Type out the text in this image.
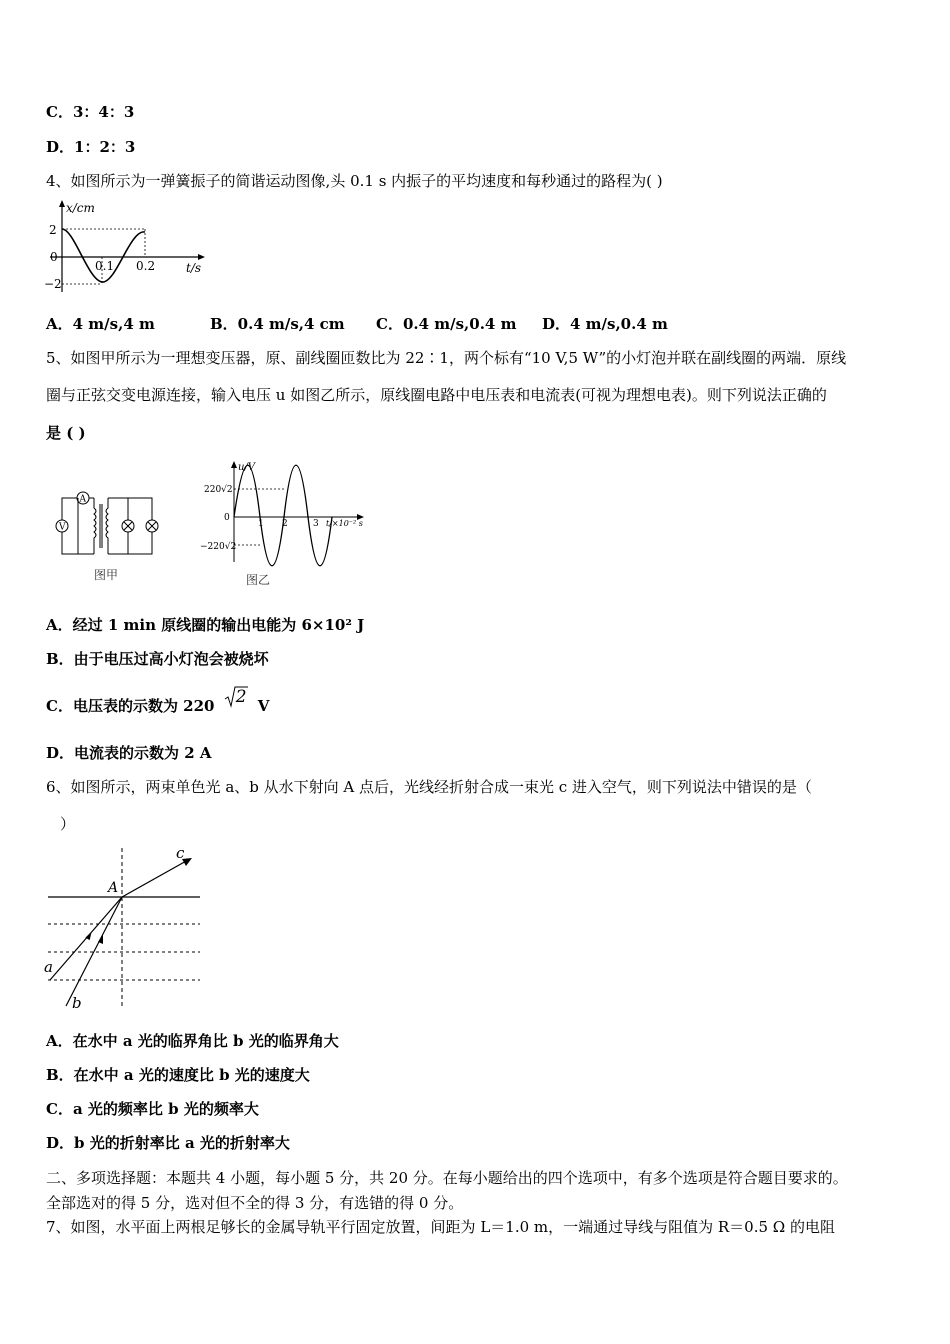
C．3：4：3
D．1：2：3
4、如图所示为一弹簧振子的简谐运动图像,头 0.1 s 内振子的平均速度和每秒通过的路程为( )
x/cm
2
0
−2
0.1 0.2	t/s
A．4 m/s,4 m	B．0.4 m/s,4 cm C．0.4 m/s,0.4 m D．4 m/s,0.4 m
5、如图甲所示为一理想变压器，原、副线圈匝数比为 22∶1，两个标有“10 V,5 W”的小灯泡并联在副线圈的两端．原线
圈与正弦交变电源连接，输入电压 u 如图乙所示，原线圈电路中电压表和电流表(可视为理想电表)。则下列说法正确的
是 ( )
A
V
图甲
u/V
220√2
0
−220√2
1 2	3 t/×10⁻² s
图乙
A．经过 1 min 原线圈的输出电能为 6×10² J
B．由于电压过高小灯泡会被烧坏
C．电压表的示数为 220 2 V
D．电流表的示数为 2 A
6、如图所示，两束单色光 a、b 从水下射向 A 点后，光线经折射合成一束光 c 进入空气，则下列说法中错误的是（
）
A
c
a
b
A．在水中 a 光的临界角比 b 光的临界角大
B．在水中 a 光的速度比 b 光的速度大
C．a 光的频率比 b 光的频率大
D．b 光的折射率比 a 光的折射率大
二、多项选择题：本题共 4 小题，每小题 5 分，共 20 分。在每小题给出的四个选项中，有多个选项是符合题目要求的。
全部选对的得 5 分，选对但不全的得 3 分，有选错的得 0 分。
7、如图，水平面上两根足够长的金属导轨平行固定放置，间距为 L＝1.0 m，一端通过导线与阻值为 R＝0.5 Ω 的电阻
